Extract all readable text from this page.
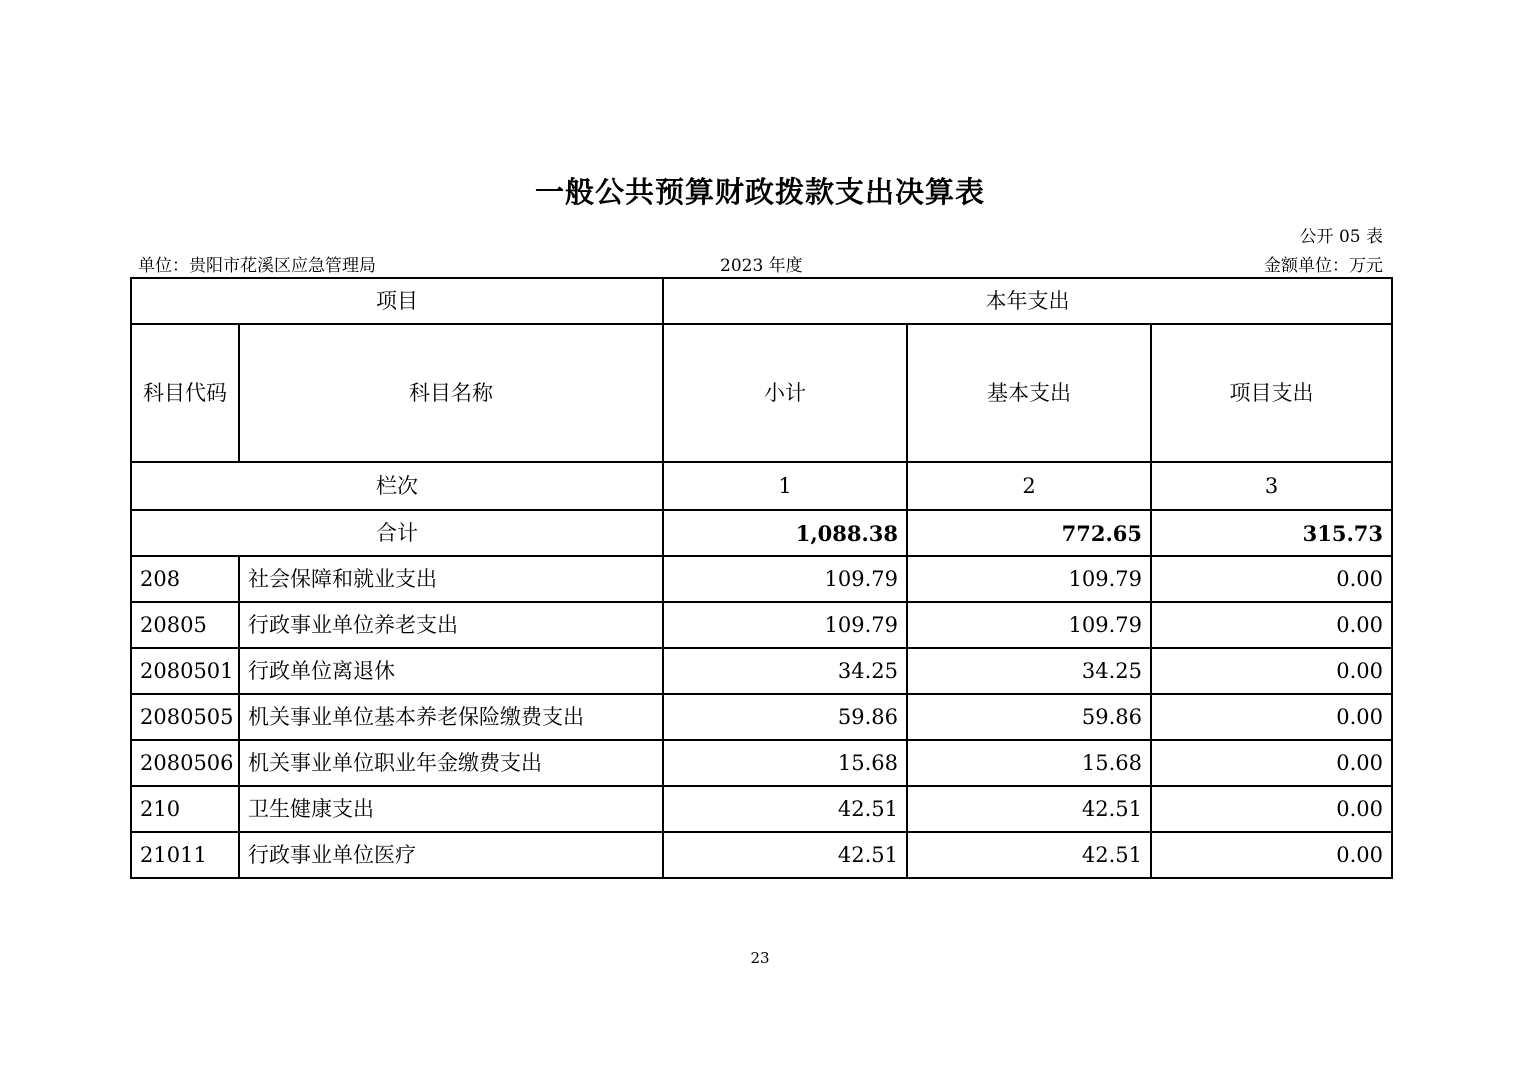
一般公共预算财政拨款支出决算表
公开 05 表
单位：贵阳市花溪区应急管理局	2023 年度	金额单位：万元
项目		本年支出		
科目代码	科目名称	小计	基本支出	项目支出
栏次		1	2	3
合计		1,088.38	772.65	315.73
208	社会保障和就业支出	109.79	109.79	0.00
20805	行政事业单位养老支出	109.79	109.79	0.00
2080501	行政单位离退休	34.25	34.25	0.00
2080505	机关事业单位基本养老保险缴费支出	59.86	59.86	0.00
2080506	机关事业单位职业年金缴费支出	15.68	15.68	0.00
210	卫生健康支出	42.51	42.51	0.00
21011	行政事业单位医疗	42.51	42.51	0.00
23
